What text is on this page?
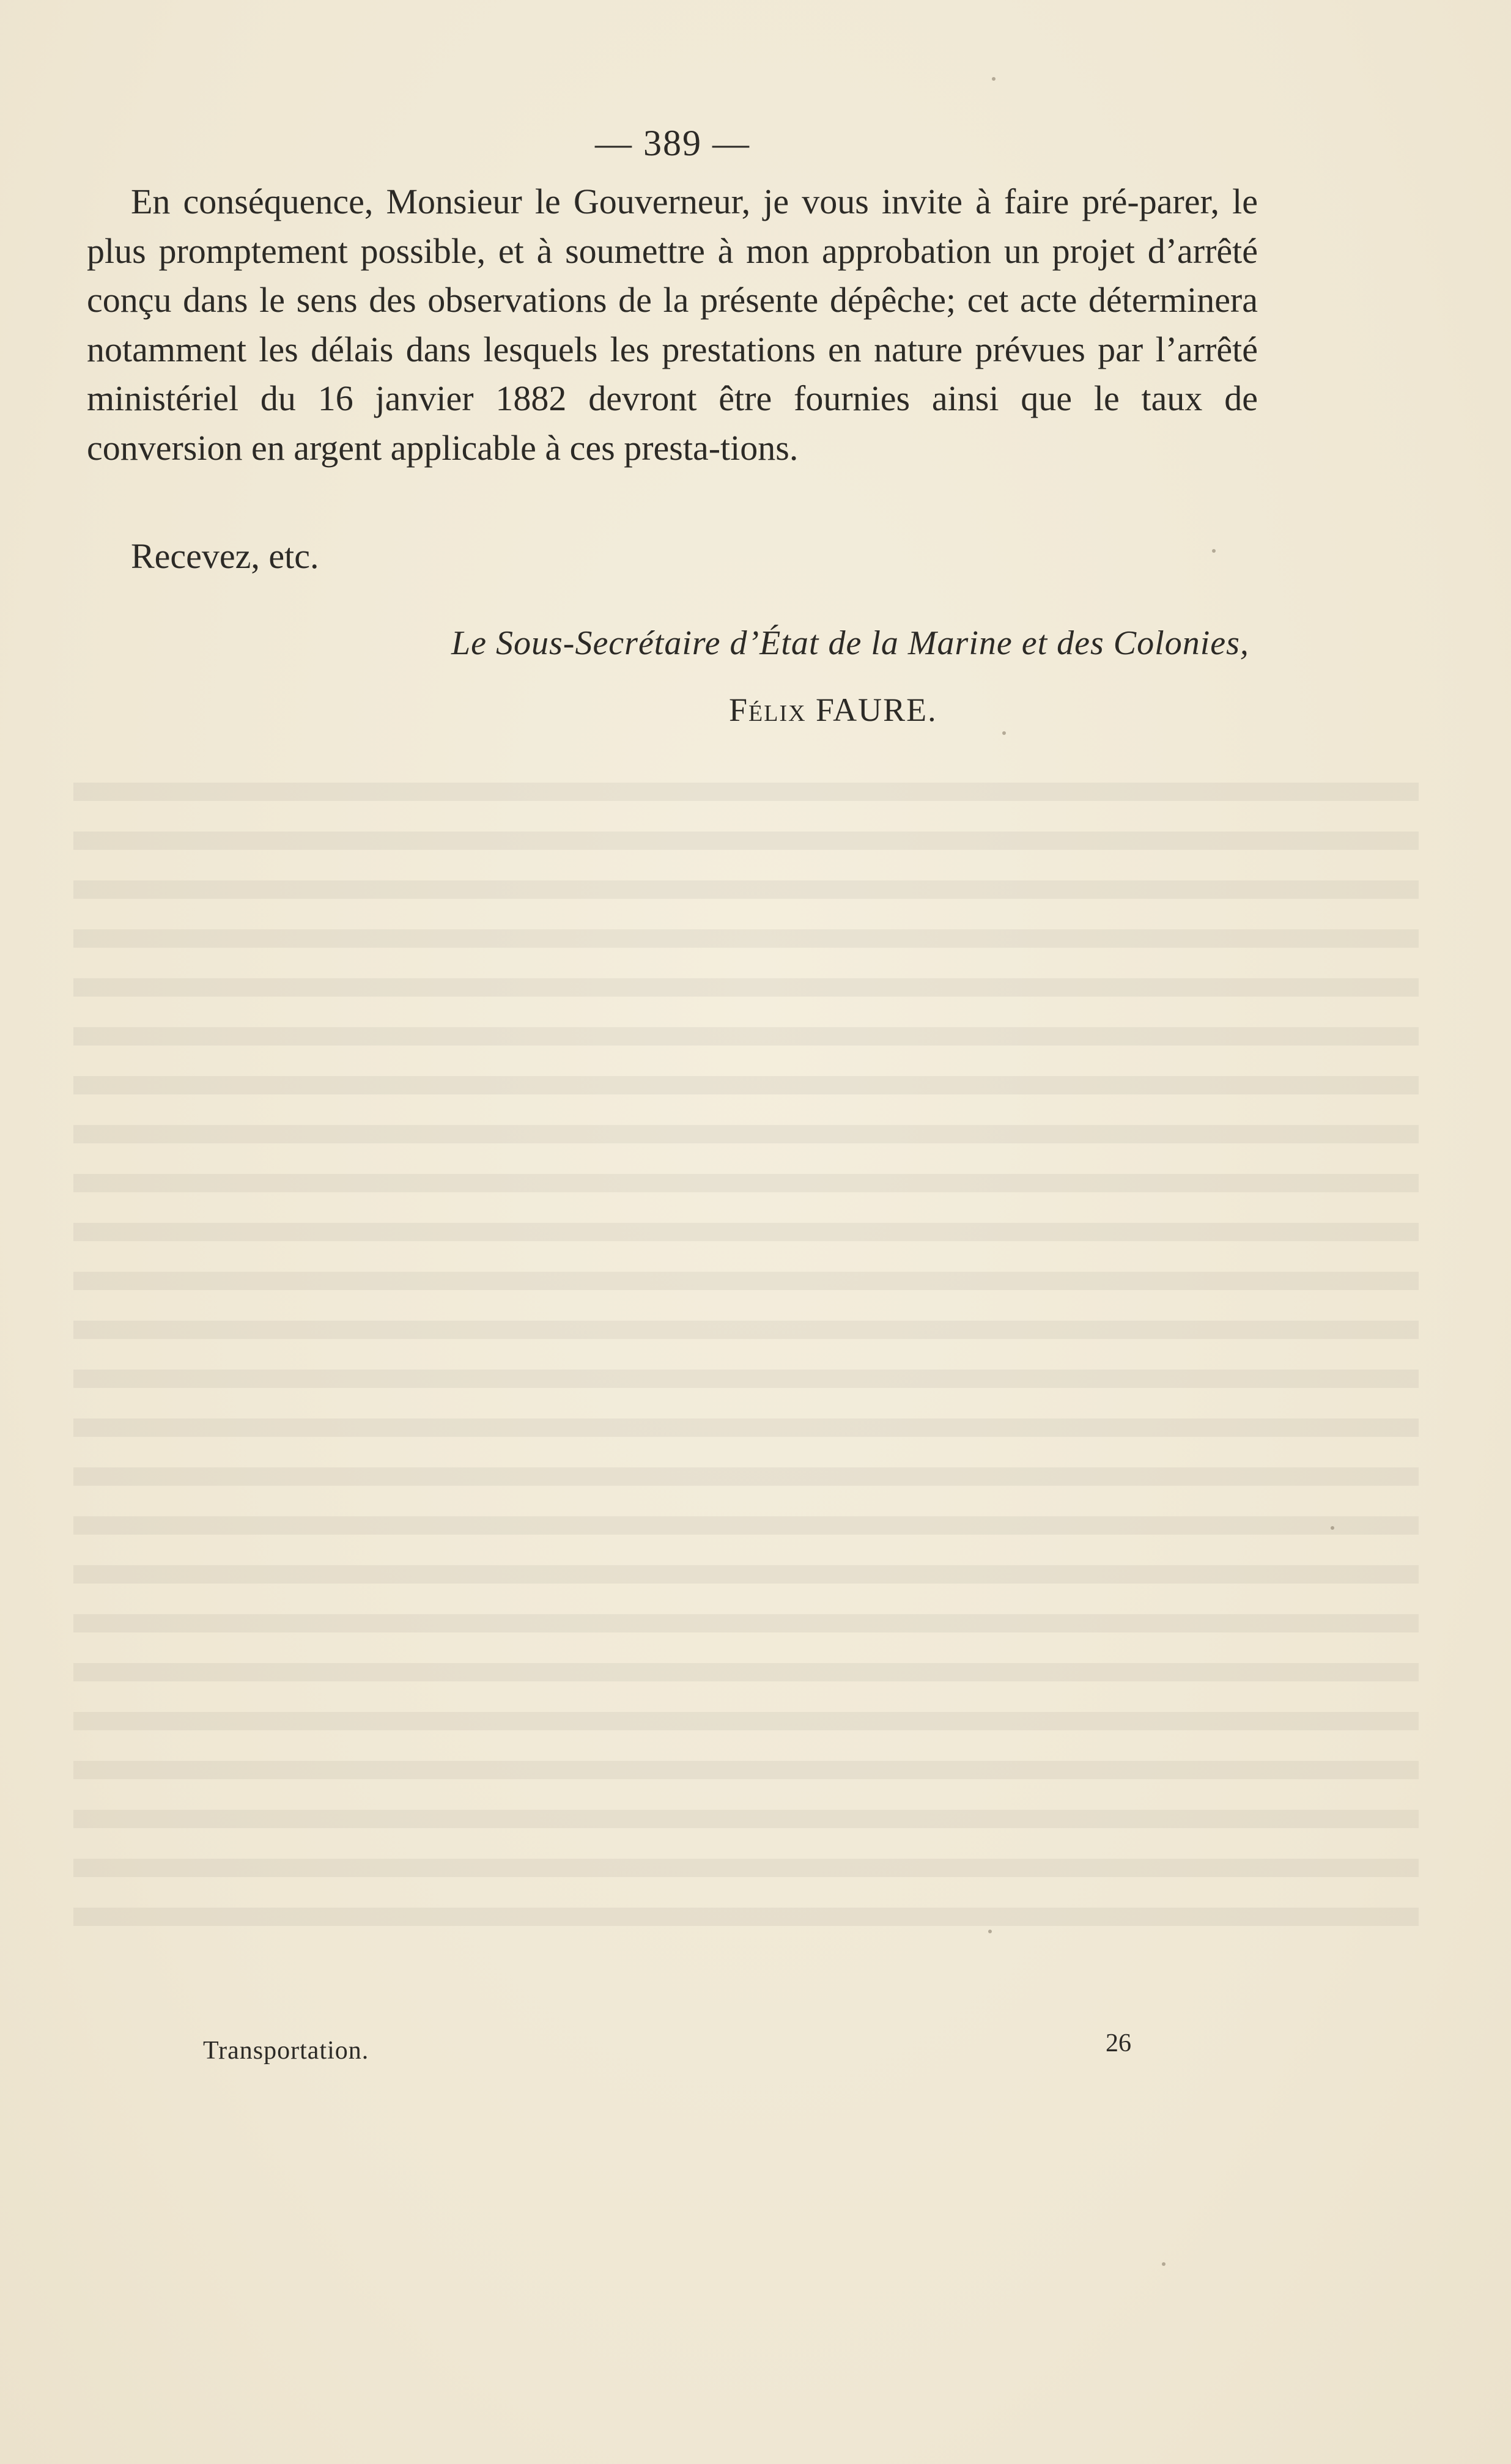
— 389 —

En conséquence, Monsieur le Gouverneur, je vous invite à faire pré-parer, le plus promptement possible, et à soumettre à mon approbation un projet d’arrêté conçu dans le sens des observations de la présente dépêche; cet acte déterminera notamment les délais dans lesquels les prestations en nature prévues par l’arrêté ministériel du 16 janvier 1882 devront être fournies ainsi que le taux de conversion en argent applicable à ces presta-tions.

Recevez, etc.
Le Sous-Secrétaire d’État de la Marine et des Colonies,
Félix FAURE.
Transportation.	26
